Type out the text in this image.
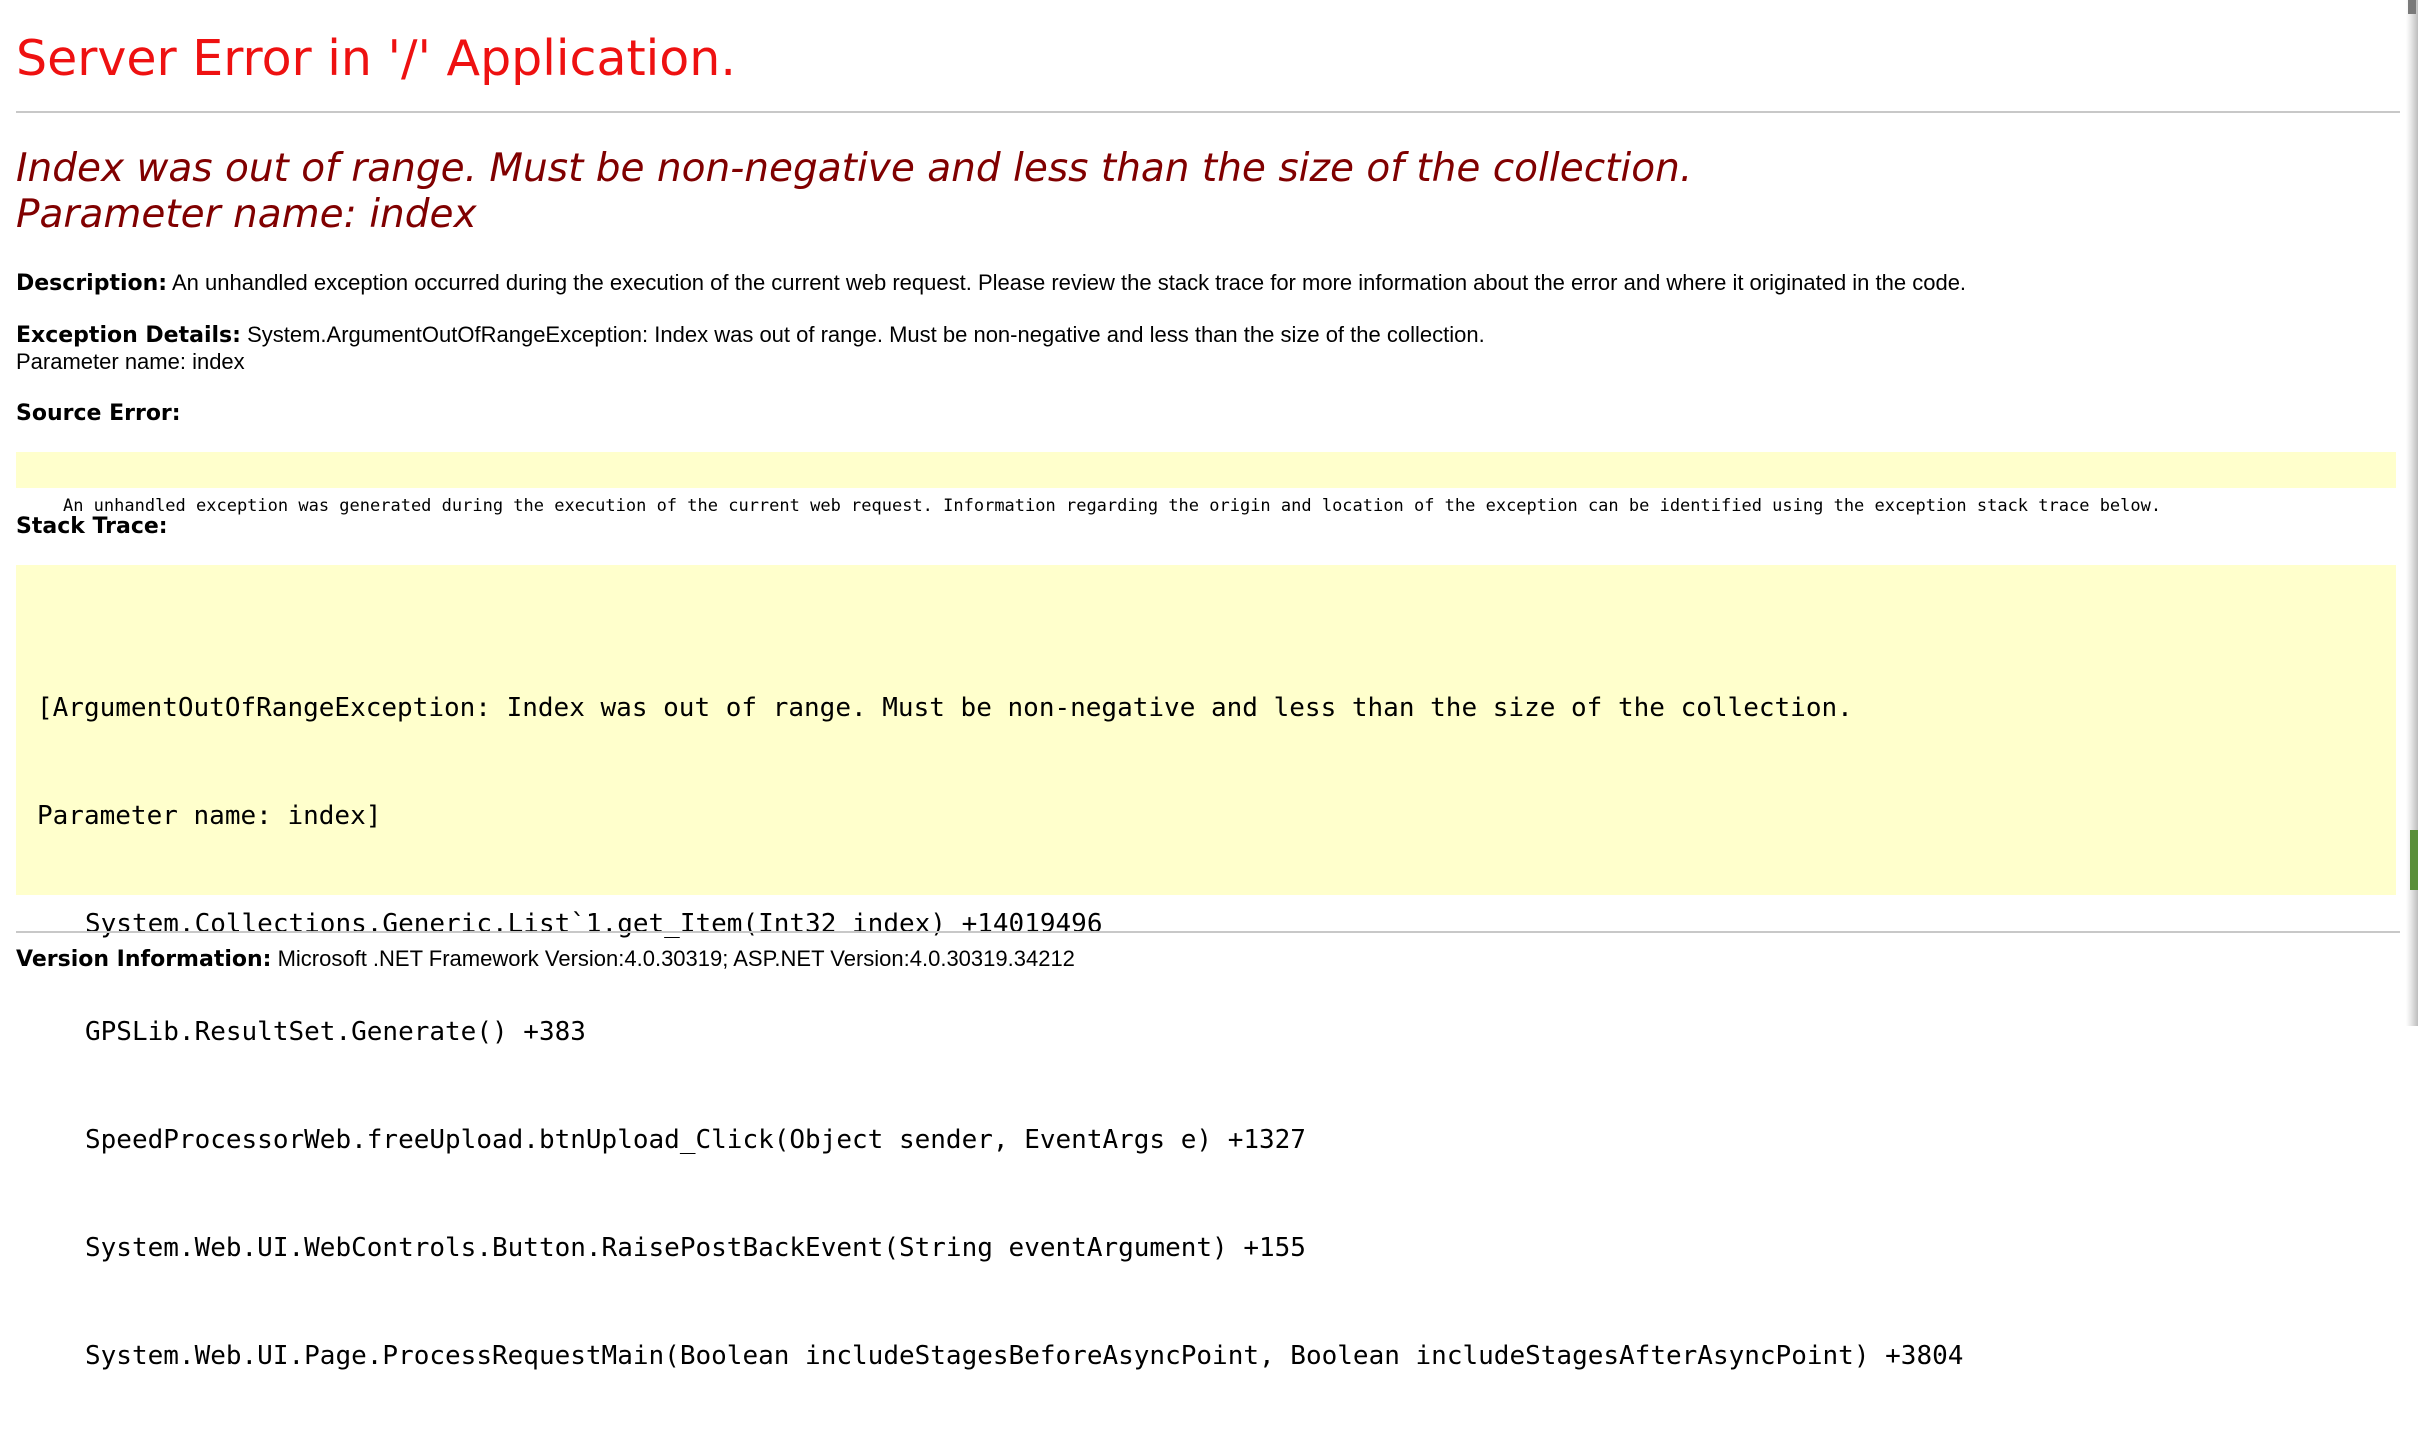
Server Error in '/' Application.
Index was out of range. Must be non-negative and less than the size of the collection.
Parameter name: index
Description: An unhandled exception occurred during the execution of the current web request. Please review the stack trace for more information about the error and where it originated in the code.
Exception Details: System.ArgumentOutOfRangeException: Index was out of range. Must be non-negative and less than the size of the collection.
Parameter name: index
Source Error:

An unhandled exception was generated during the execution of the current web request. Information regarding the origin and location of the exception can be identified using the exception stack trace below.

Stack Trace:

[ArgumentOutOfRangeException: Index was out of range. Must be non-negative and less than the size of the collection.

Parameter name: index]

System.Collections.Generic.List`1.get_Item(Int32 index) +14019496

GPSLib.ResultSet.Generate() +383

SpeedProcessorWeb.freeUpload.btnUpload_Click(Object sender, EventArgs e) +1327

System.Web.UI.WebControls.Button.RaisePostBackEvent(String eventArgument) +155

System.Web.UI.Page.ProcessRequestMain(Boolean includeStagesBeforeAsyncPoint, Boolean includeStagesAfterAsyncPoint) +3804

Version Information: Microsoft .NET Framework Version:4.0.30319; ASP.NET Version:4.0.30319.34212
